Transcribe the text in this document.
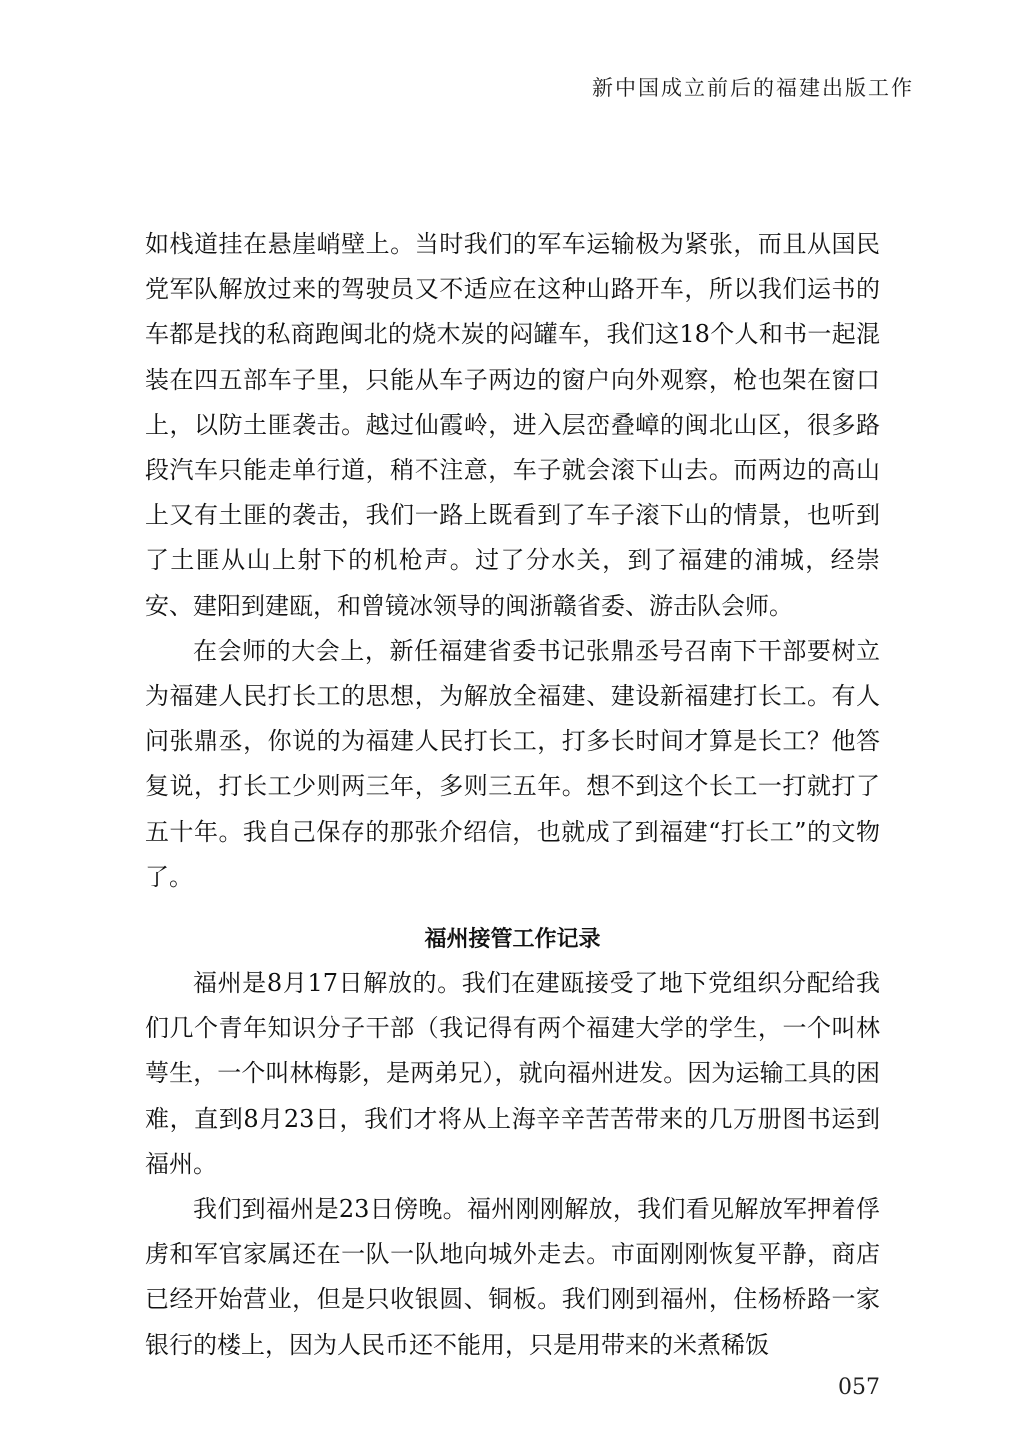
新中国成立前后的福建出版工作

如栈道挂在悬崖峭壁上。当时我们的军车运输极为紧张，而且从国民党军队解放过来的驾驶员又不适应在这种山路开车，所以我们运书的车都是找的私商跑闽北的烧木炭的闷罐车，我们这18个人和书一起混装在四五部车子里，只能从车子两边的窗户向外观察，枪也架在窗口上，以防土匪袭击。越过仙霞岭，进入层峦叠嶂的闽北山区，很多路段汽车只能走单行道，稍不注意，车子就会滚下山去。而两边的高山上又有土匪的袭击，我们一路上既看到了车子滚下山的情景，也听到了土匪从山上射下的机枪声。过了分水关，到了福建的浦城，经崇安、建阳到建瓯，和曾镜冰领导的闽浙赣省委、游击队会师。

在会师的大会上，新任福建省委书记张鼎丞号召南下干部要树立为福建人民打长工的思想，为解放全福建、建设新福建打长工。有人问张鼎丞，你说的为福建人民打长工，打多长时间才算是长工？他答复说，打长工少则两三年，多则三五年。想不到这个长工一打就打了五十年。我自己保存的那张介绍信，也就成了到福建“打长工”的文物了。

福州接管工作记录

福州是8月17日解放的。我们在建瓯接受了地下党组织分配给我们几个青年知识分子干部（我记得有两个福建大学的学生，一个叫林萼生，一个叫林梅影，是两弟兄），就向福州进发。因为运输工具的困难，直到8月23日，我们才将从上海辛辛苦苦带来的几万册图书运到福州。

我们到福州是23日傍晚。福州刚刚解放，我们看见解放军押着俘虏和军官家属还在一队一队地向城外走去。市面刚刚恢复平静，商店已经开始营业，但是只收银圆、铜板。我们刚到福州，住杨桥路一家银行的楼上，因为人民币还不能用，只是用带来的米煮稀饭

057
